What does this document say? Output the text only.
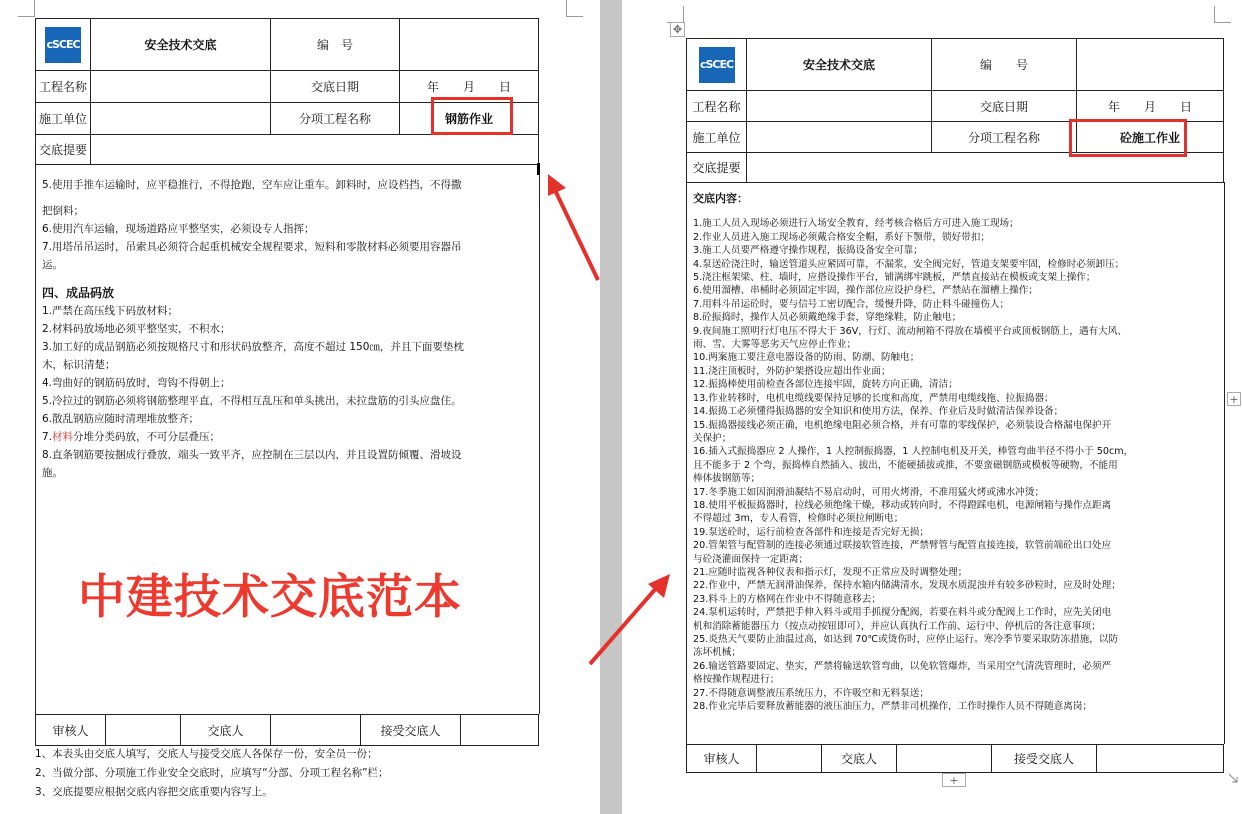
cSCEC	安全技术交底	编　号	
工程名称		交底日期	年　　月　　日
施工单位		分项工程名称	钢筋作业
交底提要			

5.使用手推车运输时，应平稳推行，不得抢跑，空车应让重车。卸料时，应设档挡，不得撒

把倒料；

6.使用汽车运输，现场道路应平整坚实，必须设专人指挥；

7.用塔吊吊运时，吊索具必须符合起重机械安全规程要求，短料和零散材料必须要用容器吊

运。

四、成品码放

1.严禁在高压线下码放材料；

2.材料码放场地必须平整坚实，不积水；

3.加工好的成品钢筋必须按规格尺寸和形状码放整齐，高度不超过 150㎝，并且下面要垫枕

木，标识清楚；

4.弯曲好的钢筋码放时，弯钩不得朝上；

5.冷拉过的钢筋必须将钢筋整理平直，不得相互乱压和单头挑出，未拉盘筋的引头应盘住。

6.散乱钢筋应随时清理堆放整齐；

7.材料分堆分类码放，不可分层叠压；

8.直条钢筋要按捆成行叠放，端头一致平齐，应控制在三层以内，并且设置防倾覆、滑坡设

施。

中建技术交底范本
审核人		交底人		接受交底人	
1、本表头由交底人填写，交底人与接受交底人各保存一份，安全员一份；
2、当做分部、分项施工作业安全交底时，应填写“分部、分项工程名称”栏；
3、交底提要应根据交底内容把交底重要内容写上。
✥
cSCEC	安全技术交底	编　　号	
工程名称		交底日期	年　　月　　日
施工单位		分项工程名称	砼施工作业
交底提要			

交底内容：

1.施工人员入现场必须进行入场安全教育，经考核合格后方可进入施工现场；

2.作业人员进入施工现场必须戴合格安全帽，系好下颚带，锁好带扣；

3.施工人员要严格遵守操作规程，振捣设备安全可靠；

4.泵送砼浇注时，输送管道头应紧固可靠，不漏浆，安全阀完好，管道支架要牢固，检修时必须卸压；

5.浇注框架梁、柱、墙时，应搭设操作平台，铺满绑牢跳板，严禁直接站在模板或支架上操作；

6.使用溜槽、串桶时必须固定牢固，操作部位应设护身栏，严禁站在溜槽上操作；

7.用料斗吊运砼时，要与信号工密切配合，缓慢升降，防止料斗碰撞伤人；

8.砼振捣时，操作人员必须戴绝缘手套，穿绝缘鞋，防止触电；

9.夜间施工照明行灯电压不得大于 36V，行灯、流动闸箱不得放在墙模平台或顶板钢筋上，遇有大风、

雨、雪、大雾等恶劣天气应停止作业；

10.两案施工要注意电器设备的防雨、防潮、防触电；

11.浇注顶板时，外防护架搭设应超出作业面；

12.振捣棒使用前检查各部位连接牢固，旋转方向正确，清洁；

13.作业转移时，电机电缆线要保持足够的长度和高度，严禁用电缆线拖、拉振捣器；

14.振捣工必须懂得振捣器的安全知识和使用方法，保养、作业后及时做清洁保养设备；

15.振捣器接线必须正确，电机绝缘电阻必须合格，并有可靠的零线保护，必须装设合格漏电保护开

关保护；

16.插入式振捣器应 2 人操作，1 人控制振捣器，1 人控制电机及开关，棒管弯曲半径不得小于 50cm，

且不能多于 2 个弯，振捣棒自然插入、拔出，不能硬插拔或推，不要蛮磁钢筋或模板等硬物，不能用

棒体拔钢筋等；

17.冬季施工如因润滑油凝结不易启动时，可用火烤滑，不准用猛火烤或沸水冲烫；

18.使用平板振捣器时，拉线必须绝缘干燥，移动或转向时，不得蹬踩电机，电源闸箱与操作点距离

不得超过 3m，专人看管，检修时必须拉闸断电；

19.泵送砼时，运行前检查各部件和连接是否完好无损；

20.管架管与配管制的连接必须通过联接软管连接，严禁臂管与配管直接连接，软管前端砼出口处应

与砼浇灌面保持一定距离；

21.应随时监视各种仪表和指示灯，发现不正常应及时调整处理；

22.作业中，严禁无润滑油保养，保持水箱内储满清水，发现水质混浊并有较多砂粒时，应及时处理；

23.料斗上的方格网在作业中不得随意移去；

24.泵机运转时，严禁把手伸入料斗或用手抓搅分配阀，若要在料斗或分配阀上工作时，应先关闭电

机和消除蓄能器压力（按点动按钮即可），并应认真执行工作前、运行中、停机后的各注意事项；

25.炎热天气要防止油温过高，如达到 70℃或烫伤时，应停止运行。寒冷季节要采取防冻措施，以防

冻坏机械；

26.输送管路要固定、垫实，严禁将输送软管弯曲，以免软管爆炸，当采用空气清洗管理时，必须严

格按操作规程进行；

27.不得随意调整液压系统压力，不许吸空和无料泵送；

28.作业完毕后要释放蓄能器的液压油压力，严禁非司机操作，工作时操作人员不得随意离岗；

审核人		交底人		接受交底人	
+
+
